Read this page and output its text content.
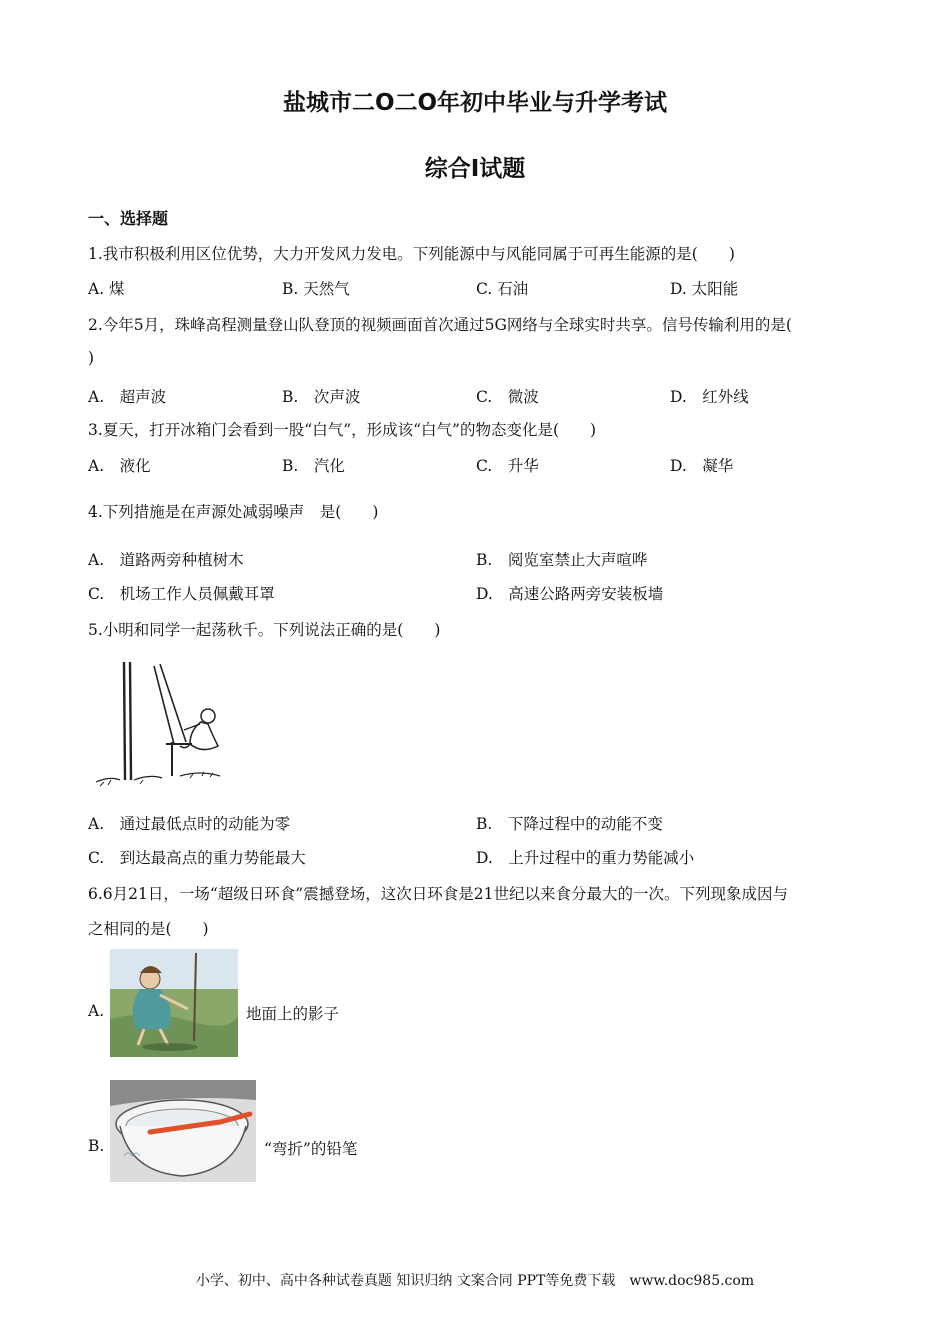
盐城市二O二O年初中毕业与升学考试
综合Ⅰ试题
一、选择题
1.我市积极利用区位优势，大力开发风力发电。下列能源中与风能同属于可再生能源的是(　　)
A. 煤	B. 天然气	C. 石油	D. 太阳能
2.今年5月，珠峰高程测量登山队登顶的视频画面首次通过5G网络与全球实时共享。信号传输利用的是(
)
A.　超声波	B.　次声波	C.　微波	D.　红外线
3.夏天，打开冰箱门会看到一股“白气”，形成该“白气”的物态变化是(　　)
A.　液化	B.　汽化	C.　升华	D.　凝华
4.下列措施是在声源处减弱噪声　是(　　)
A.　道路两旁种植树木	B.　阅览室禁止大声喧哗
C.　机场工作人员佩戴耳罩	D.　高速公路两旁安装板墙
5.小明和同学一起荡秋千。下列说法正确的是(　　)
A.　通过最低点时的动能为零	B.　下降过程中的动能不变
C.　到达最高点的重力势能最大	D.　上升过程中的重力势能减小
6.6月21日，一场“超级日环食”震撼登场，这次日环食是21世纪以来食分最大的一次。下列现象成因与
之相同的是(　　)
A.	地面上的影子
B.	“弯折”的铅笔
小学、初中、高中各种试卷真题 知识归纳 文案合同 PPT等免费下载　www.doc985.com
